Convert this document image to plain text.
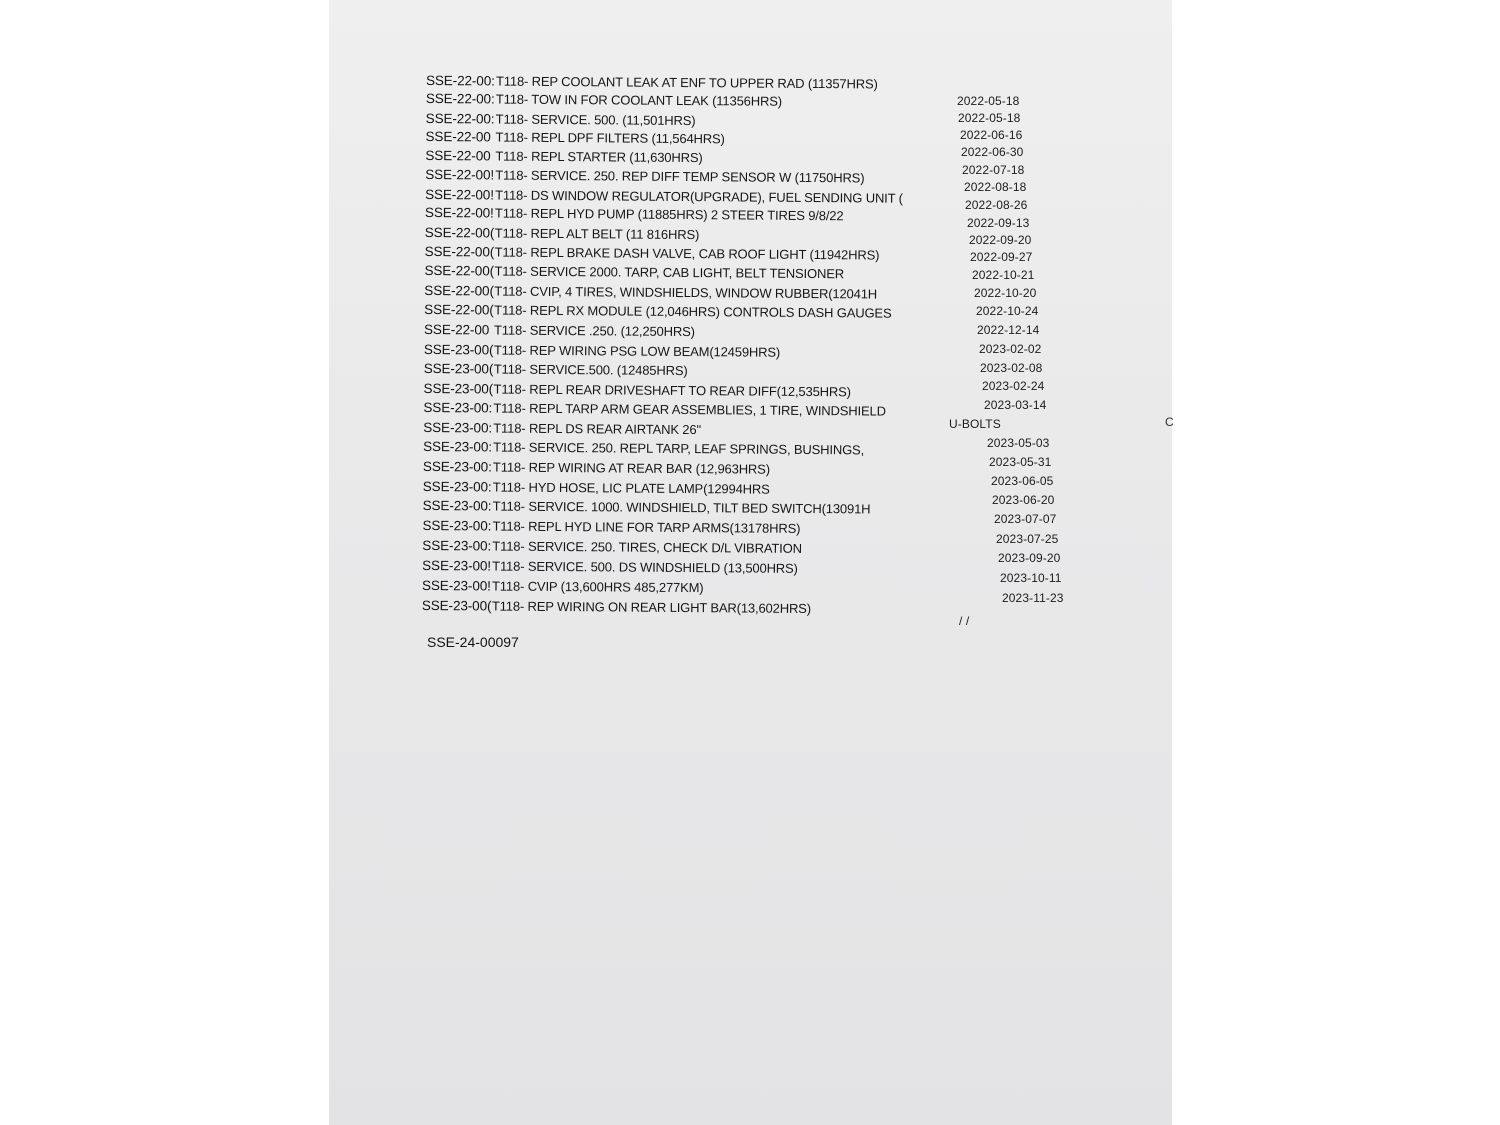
SSE-22-00: T118- REP COOLANT LEAK AT ENF TO UPPER RAD (11357HRS)
SSE-22-00: T118- TOW IN FOR COOLANT LEAK (11356HRS)
SSE-22-00: T118- SERVICE. 500. (11,501HRS)
SSE-22-00 T118- REPL DPF FILTERS (11,564HRS)
SSE-22-00 T118- REPL STARTER (11,630HRS)
SSE-22-00! T118- SERVICE. 250. REP DIFF TEMP SENSOR W (11750HRS)
SSE-22-00! T118- DS WINDOW REGULATOR(UPGRADE), FUEL SENDING UNIT (
SSE-22-00! T118- REPL HYD PUMP (11885HRS) 2 STEER TIRES 9/8/22
SSE-22-00( T118- REPL ALT BELT (11 816HRS)
SSE-22-00( T118- REPL BRAKE DASH VALVE, CAB ROOF LIGHT (11942HRS)
SSE-22-00( T118- SERVICE 2000. TARP, CAB LIGHT, BELT TENSIONER
SSE-22-00( T118- CVIP, 4 TIRES, WINDSHIELDS, WINDOW RUBBER(12041H
SSE-22-00( T118- REPL RX MODULE (12,046HRS) CONTROLS DASH GAUGES
SSE-22-00 T118- SERVICE .250. (12,250HRS)
SSE-23-00( T118- REP WIRING PSG LOW BEAM(12459HRS)
SSE-23-00( T118- SERVICE.500. (12485HRS)
SSE-23-00( T118- REPL REAR DRIVESHAFT TO REAR DIFF(12,535HRS)
SSE-23-00: T118- REPL TARP ARM GEAR ASSEMBLIES, 1 TIRE, WINDSHIELD
SSE-23-00: T118- REPL DS REAR AIRTANK 26"
SSE-23-00: T118- SERVICE. 250. REPL TARP, LEAF SPRINGS, BUSHINGS,
SSE-23-00: T118- REP WIRING AT REAR BAR (12,963HRS)
SSE-23-00: T118- HYD HOSE, LIC PLATE LAMP(12994HRS
SSE-23-00: T118- SERVICE. 1000. WINDSHIELD, TILT BED SWITCH(13091H
SSE-23-00: T118- REPL HYD LINE FOR TARP ARMS(13178HRS)
SSE-23-00: T118- SERVICE. 250. TIRES, CHECK D/L VIBRATION
SSE-23-00! T118- SERVICE. 500. DS WINDSHIELD (13,500HRS)
SSE-23-00! T118- CVIP (13,600HRS 485,277KM)
SSE-23-00( T118- REP WIRING ON REAR LIGHT BAR(13,602HRS)
SSE-24-00097
/ /
C
2022-05-18
2022-05-18
2022-06-16
2022-06-30
2022-07-18
2022-08-18
2022-08-26
2022-09-13
2022-09-20
2022-09-27
2022-10-21
2022-10-20
2022-10-24
2022-12-14
2023-02-02
2023-02-08
2023-02-24
2023-03-14
U-BOLTS
2023-05-03
2023-05-31
2023-06-05
2023-06-20
2023-07-07
2023-07-25
2023-09-20
2023-10-11
2023-11-23
